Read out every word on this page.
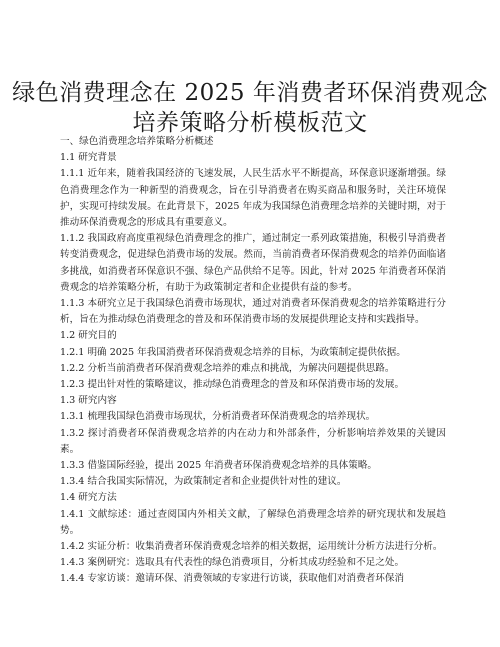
绿色消费理念在 2025 年消费者环保消费观念
培养策略分析模板范文

一、绿色消费理念培养策略分析概述

1.1 研究背景

1.1.1 近年来，随着我国经济的飞速发展，人民生活水平不断提高，环保意识逐渐增强。绿色消费理念作为一种新型的消费观念，旨在引导消费者在购买商品和服务时，关注环境保护，实现可持续发展。在此背景下，2025 年成为我国绿色消费理念培养的关键时期，对于推动环保消费观念的形成具有重要意义。

1.1.2 我国政府高度重视绿色消费理念的推广，通过制定一系列政策措施，积极引导消费者转变消费观念，促进绿色消费市场的发展。然而，当前消费者环保消费观念的培养仍面临诸多挑战，如消费者环保意识不强、绿色产品供给不足等。因此，针对 2025 年消费者环保消费观念的培养策略分析，有助于为政策制定者和企业提供有益的参考。

1.1.3 本研究立足于我国绿色消费市场现状，通过对消费者环保消费观念的培养策略进行分析，旨在为推动绿色消费理念的普及和环保消费市场的发展提供理论支持和实践指导。

1.2 研究目的

1.2.1 明确 2025 年我国消费者环保消费观念培养的目标，为政策制定提供依据。

1.2.2 分析当前消费者环保消费观念培养的难点和挑战，为解决问题提供思路。

1.2.3 提出针对性的策略建议，推动绿色消费理念的普及和环保消费市场的发展。

1.3 研究内容

1.3.1 梳理我国绿色消费市场现状，分析消费者环保消费观念的培养现状。

1.3.2 探讨消费者环保消费观念培养的内在动力和外部条件，分析影响培养效果的关键因素。

1.3.3 借鉴国际经验，提出 2025 年消费者环保消费观念培养的具体策略。

1.3.4 结合我国实际情况，为政策制定者和企业提供针对性的建议。

1.4 研究方法

1.4.1 文献综述：通过查阅国内外相关文献，了解绿色消费理念培养的研究现状和发展趋势。

1.4.2 实证分析：收集消费者环保消费观念培养的相关数据，运用统计分析方法进行分析。

1.4.3 案例研究：选取具有代表性的绿色消费项目，分析其成功经验和不足之处。

1.4.4 专家访谈：邀请环保、消费领域的专家进行访谈，获取他们对消费者环保消
